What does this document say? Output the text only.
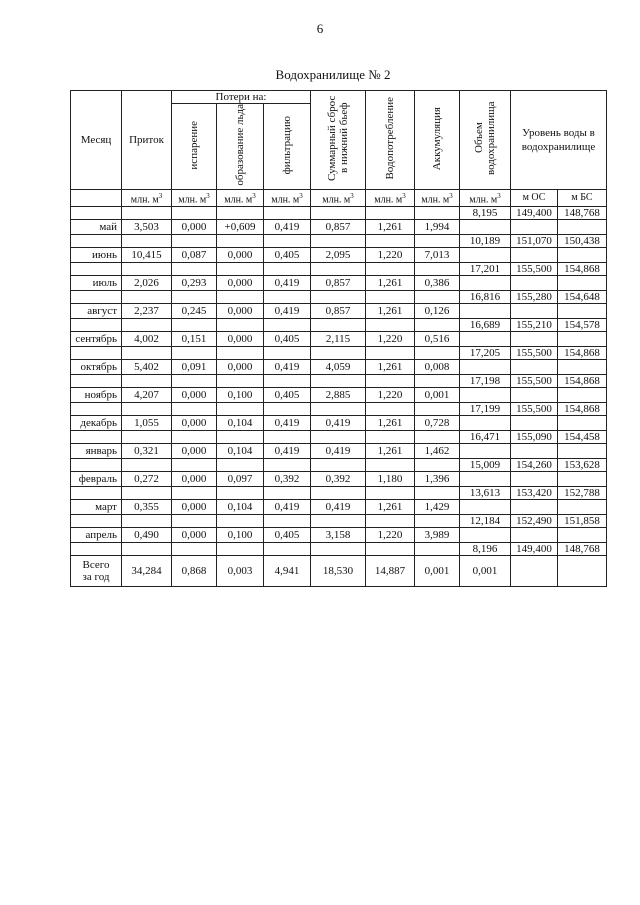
6
Водохранилище № 2
Месяц	Приток	Потери на:			Суммарный сброс в нижний бьеф	Водопотребление	Аккумуляция	Объем водохранилища	Уровень воды в водохранилище	
		испарение	образование льда	фильтрацию						
	млн. $м^3$	млн. $м^3$	млн. $м^3$	млн. $м^3$	млн. $м^3$	млн. $м^3$	млн. $м^3$	млн. $м^3$	м ОС	м БС
								8,195	149,400	148,768
май	3,503	0,000	+0,609	0,419	0,857	1,261	1,994			
								10,189	151,070	150,438
июнь	10,415	0,087	0,000	0,405	2,095	1,220	7,013			
								17,201	155,500	154,868
июль	2,026	0,293	0,000	0,419	0,857	1,261	0,386			
								16,816	155,280	154,648
август	2,237	0,245	0,000	0,419	0,857	1,261	0,126			
								16,689	155,210	154,578
сентябрь	4,002	0,151	0,000	0,405	2,115	1,220	0,516			
								17,205	155,500	154,868
октябрь	5,402	0,091	0,000	0,419	4,059	1,261	0,008			
								17,198	155,500	154,868
ноябрь	4,207	0,000	0,100	0,405	2,885	1,220	0,001			
								17,199	155,500	154,868
декабрь	1,055	0,000	0,104	0,419	0,419	1,261	0,728			
								16,471	155,090	154,458
январь	0,321	0,000	0,104	0,419	0,419	1,261	1,462			
								15,009	154,260	153,628
февраль	0,272	0,000	0,097	0,392	0,392	1,180	1,396			
								13,613	153,420	152,788
март	0,355	0,000	0,104	0,419	0,419	1,261	1,429			
								12,184	152,490	151,858
апрель	0,490	0,000	0,100	0,405	3,158	1,220	3,989			
								8,196	149,400	148,768
Всего
за год	34,284	0,868	0,003	4,941	18,530	14,887	0,001	0,001		
